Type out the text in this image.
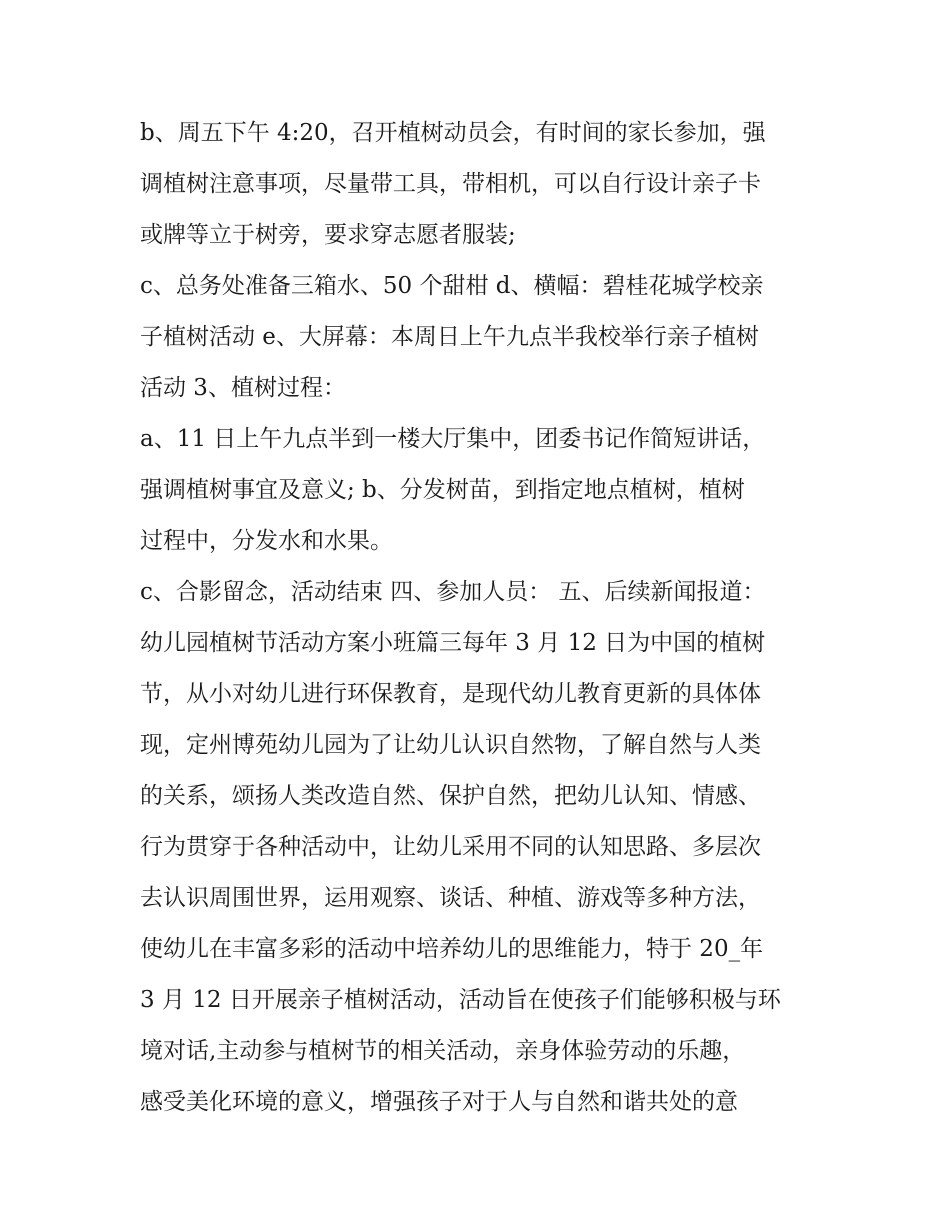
b、周五下午 4:20，召开植树动员会，有时间的家长参加，强
调植树注意事项，尽量带工具，带相机，可以自行设计亲子卡
或牌等立于树旁，要求穿志愿者服装;
c、总务处准备三箱水、50 个甜柑 d、横幅：碧桂花城学校亲
子植树活动 e、大屏幕：本周日上午九点半我校举行亲子植树
活动 3、植树过程：
a、11 日上午九点半到一楼大厅集中，团委书记作简短讲话，
强调植树事宜及意义; b、分发树苗，到指定地点植树，植树
过程中，分发水和水果。
c、合影留念，活动结束 四、参加人员： 五、后续新闻报道：
幼儿园植树节活动方案小班篇三每年 3 月 12 日为中国的植树
节，从小对幼儿进行环保教育，是现代幼儿教育更新的具体体
现，定州博苑幼儿园为了让幼儿认识自然物，了解自然与人类
的关系，颂扬人类改造自然、保护自然，把幼儿认知、情感、
行为贯穿于各种活动中，让幼儿采用不同的认知思路、多层次
去认识周围世界，运用观察、谈话、种植、游戏等多种方法，
使幼儿在丰富多彩的活动中培养幼儿的思维能力，特于 20_年
3 月 12 日开展亲子植树活动，活动旨在使孩子们能够积极与环
境对话,主动参与植树节的相关活动，亲身体验劳动的乐趣，
感受美化环境的意义，增强孩子对于人与自然和谐共处的意
